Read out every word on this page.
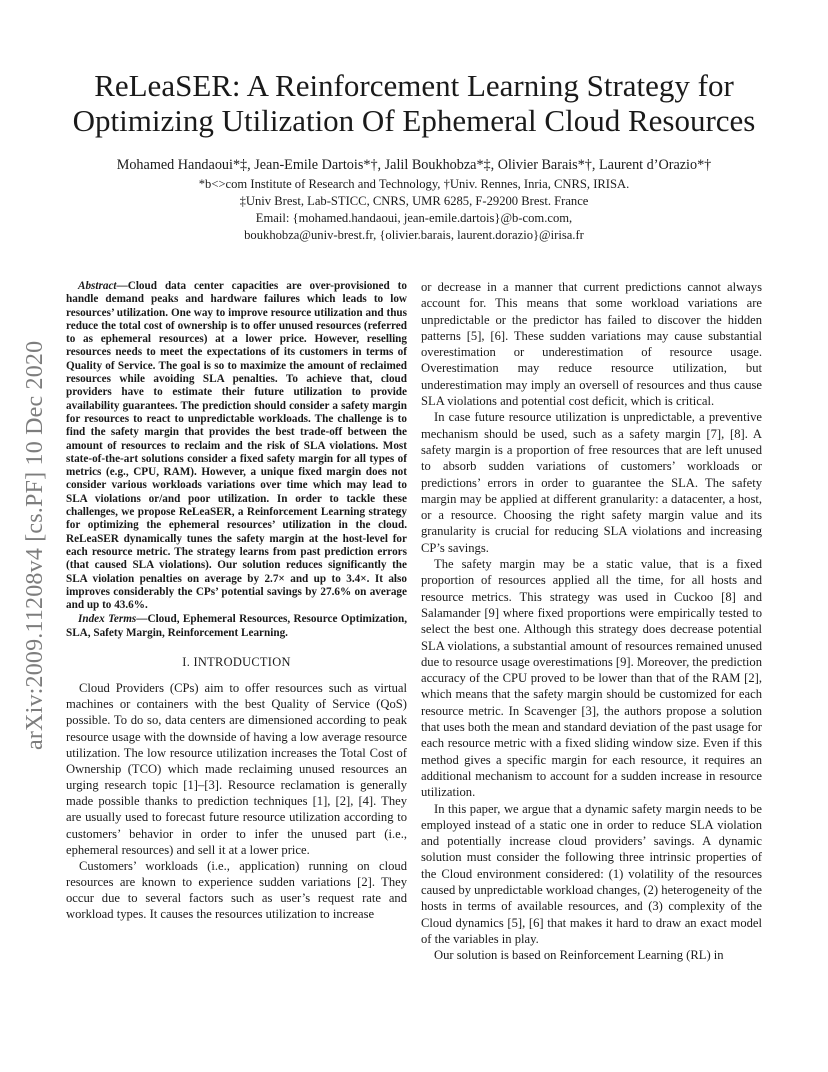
arXiv:2009.11208v4 [cs.PF] 10 Dec 2020
ReLeaSER: A Reinforcement Learning Strategy for
Optimizing Utilization Of Ephemeral Cloud Resources
Mohamed Handaoui*‡, Jean-Emile Dartois*†, Jalil Boukhobza*‡, Olivier Barais*†, Laurent d’Orazio*†
*b<>com Institute of Research and Technology, †Univ. Rennes, Inria, CNRS, IRISA.
‡Univ Brest, Lab-STICC, CNRS, UMR 6285, F-29200 Brest. France
Email: {mohamed.handaoui, jean-emile.dartois}@b-com.com,
boukhobza@univ-brest.fr, {olivier.barais, laurent.dorazio}@irisa.fr

Abstract—Cloud data center capacities are over-provisioned to handle demand peaks and hardware failures which leads to low resources’ utilization. One way to improve resource utilization and thus reduce the total cost of ownership is to offer unused resources (referred to as ephemeral resources) at a lower price. However, reselling resources needs to meet the expectations of its customers in terms of Quality of Service. The goal is so to maximize the amount of reclaimed resources while avoiding SLA penalties. To achieve that, cloud providers have to estimate their future utilization to provide availability guarantees. The prediction should consider a safety margin for resources to react to unpredictable workloads. The challenge is to find the safety margin that provides the best trade-off between the amount of resources to reclaim and the risk of SLA violations. Most state-of-the-art solutions consider a fixed safety margin for all types of metrics (e.g., CPU, RAM). However, a unique fixed margin does not consider various workloads variations over time which may lead to SLA violations or/and poor utilization. In order to tackle these challenges, we propose ReLeaSER, a Reinforcement Learning strategy for optimizing the ephemeral resources’ utilization in the cloud. ReLeaSER dynamically tunes the safety margin at the host-level for each resource metric. The strategy learns from past prediction errors (that caused SLA violations). Our solution reduces significantly the SLA violation penalties on average by 2.7× and up to 3.4×. It also improves considerably the CPs’ potential savings by 27.6% on average and up to 43.6%.

Index Terms—Cloud, Ephemeral Resources, Resource Optimization, SLA, Safety Margin, Reinforcement Learning.

I. INTRODUCTION

Cloud Providers (CPs) aim to offer resources such as virtual machines or containers with the best Quality of Service (QoS) possible. To do so, data centers are dimensioned according to peak resource usage with the downside of having a low average resource utilization. The low resource utilization increases the Total Cost of Ownership (TCO) which made reclaiming unused resources an urging research topic [1]–[3]. Resource reclamation is generally made possible thanks to prediction techniques [1], [2], [4]. They are usually used to forecast future resource utilization according to customers’ behavior in order to infer the unused part (i.e., ephemeral resources) and sell it at a lower price.

Customers’ workloads (i.e., application) running on cloud resources are known to experience sudden variations [2]. They occur due to several factors such as user’s request rate and workload types. It causes the resources utilization to increase

or decrease in a manner that current predictions cannot always account for. This means that some workload variations are unpredictable or the predictor has failed to discover the hidden patterns [5], [6]. These sudden variations may cause substantial overestimation or underestimation of resource usage. Overestimation may reduce resource utilization, but underestimation may imply an oversell of resources and thus cause SLA violations and potential cost deficit, which is critical.

In case future resource utilization is unpredictable, a preventive mechanism should be used, such as a safety margin [7], [8]. A safety margin is a proportion of free resources that are left unused to absorb sudden variations of customers’ workloads or predictions’ errors in order to guarantee the SLA. The safety margin may be applied at different granularity: a datacenter, a host, or a resource. Choosing the right safety margin value and its granularity is crucial for reducing SLA violations and increasing CP’s savings.

The safety margin may be a static value, that is a fixed proportion of resources applied all the time, for all hosts and resource metrics. This strategy was used in Cuckoo [8] and Salamander [9] where fixed proportions were empirically tested to select the best one. Although this strategy does decrease potential SLA violations, a substantial amount of resources remained unused due to resource usage overestimations [9]. Moreover, the prediction accuracy of the CPU proved to be lower than that of the RAM [2], which means that the safety margin should be customized for each resource metric. In Scavenger [3], the authors propose a solution that uses both the mean and standard deviation of the past usage for each resource metric with a fixed sliding window size. Even if this method gives a specific margin for each resource, it requires an additional mechanism to account for a sudden increase in resource utilization.

In this paper, we argue that a dynamic safety margin needs to be employed instead of a static one in order to reduce SLA violation and potentially increase cloud providers’ savings. A dynamic solution must consider the following three intrinsic properties of the Cloud environment considered: (1) volatility of the resources caused by unpredictable workload changes, (2) heterogeneity of the hosts in terms of available resources, and (3) complexity of the Cloud dynamics [5], [6] that makes it hard to draw an exact model of the variables in play.

Our solution is based on Reinforcement Learning (RL) in
